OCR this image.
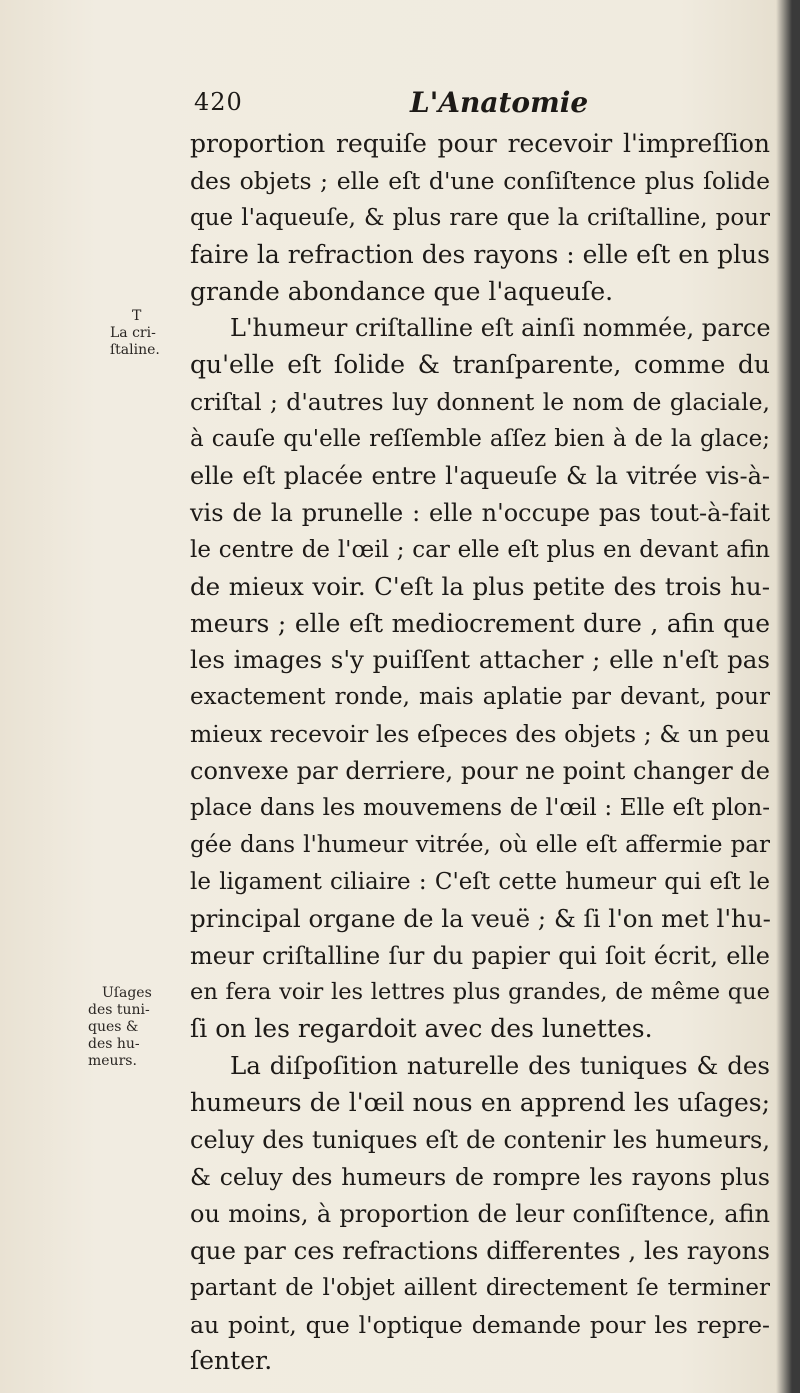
420	L'Anatomie
T
La cri-
ſtaline.
Uſages
des tuni-
ques &
des hu-
meurs.
proportion requiſe pour recevoir l'impreſſion
des objets ; elle eſt d'une conſiſtence plus ſolide
que l'aqueuſe, & plus rare que la criſtalline, pour
faire la refraction des rayons : elle eſt en plus
grande abondance que l'aqueuſe.
L'humeur criſtalline eſt ainſi nommée, parce
qu'elle eſt ſolide & tranſparente, comme du
criſtal ; d'autres luy donnent le nom de glaciale,
à cauſe qu'elle reſſemble aſſez bien à de la glace;
elle eſt placée entre l'aqueuſe & la vitrée vis-à-
vis de la prunelle : elle n'occupe pas tout-à-fait
le centre de l'œil ; car elle eſt plus en devant afin
de mieux voir. C'eſt la plus petite des trois hu-
meurs ; elle eſt mediocrement dure , afin que
les images s'y puiſſent attacher ; elle n'eſt pas
exactement ronde, mais aplatie par devant, pour
mieux recevoir les eſpeces des objets ; & un peu
convexe par derriere, pour ne point changer de
place dans les mouvemens de l'œil : Elle eſt plon-
gée dans l'humeur vitrée, où elle eſt affermie par
le ligament ciliaire : C'eſt cette humeur qui eſt le
principal organe de la veuë ; & ſi l'on met l'hu-
meur criſtalline ſur du papier qui ſoit écrit, elle
en fera voir les lettres plus grandes, de même que
ſi on les regardoit avec des lunettes.
La diſpoſition naturelle des tuniques & des
humeurs de l'œil nous en apprend les uſages;
celuy des tuniques eſt de contenir les humeurs,
& celuy des humeurs de rompre les rayons plus
ou moins, à proportion de leur conſiſtence, afin
que par ces refractions differentes , les rayons
partant de l'objet aillent directement ſe terminer
au point, que l'optique demande pour les repre-
ſenter.
